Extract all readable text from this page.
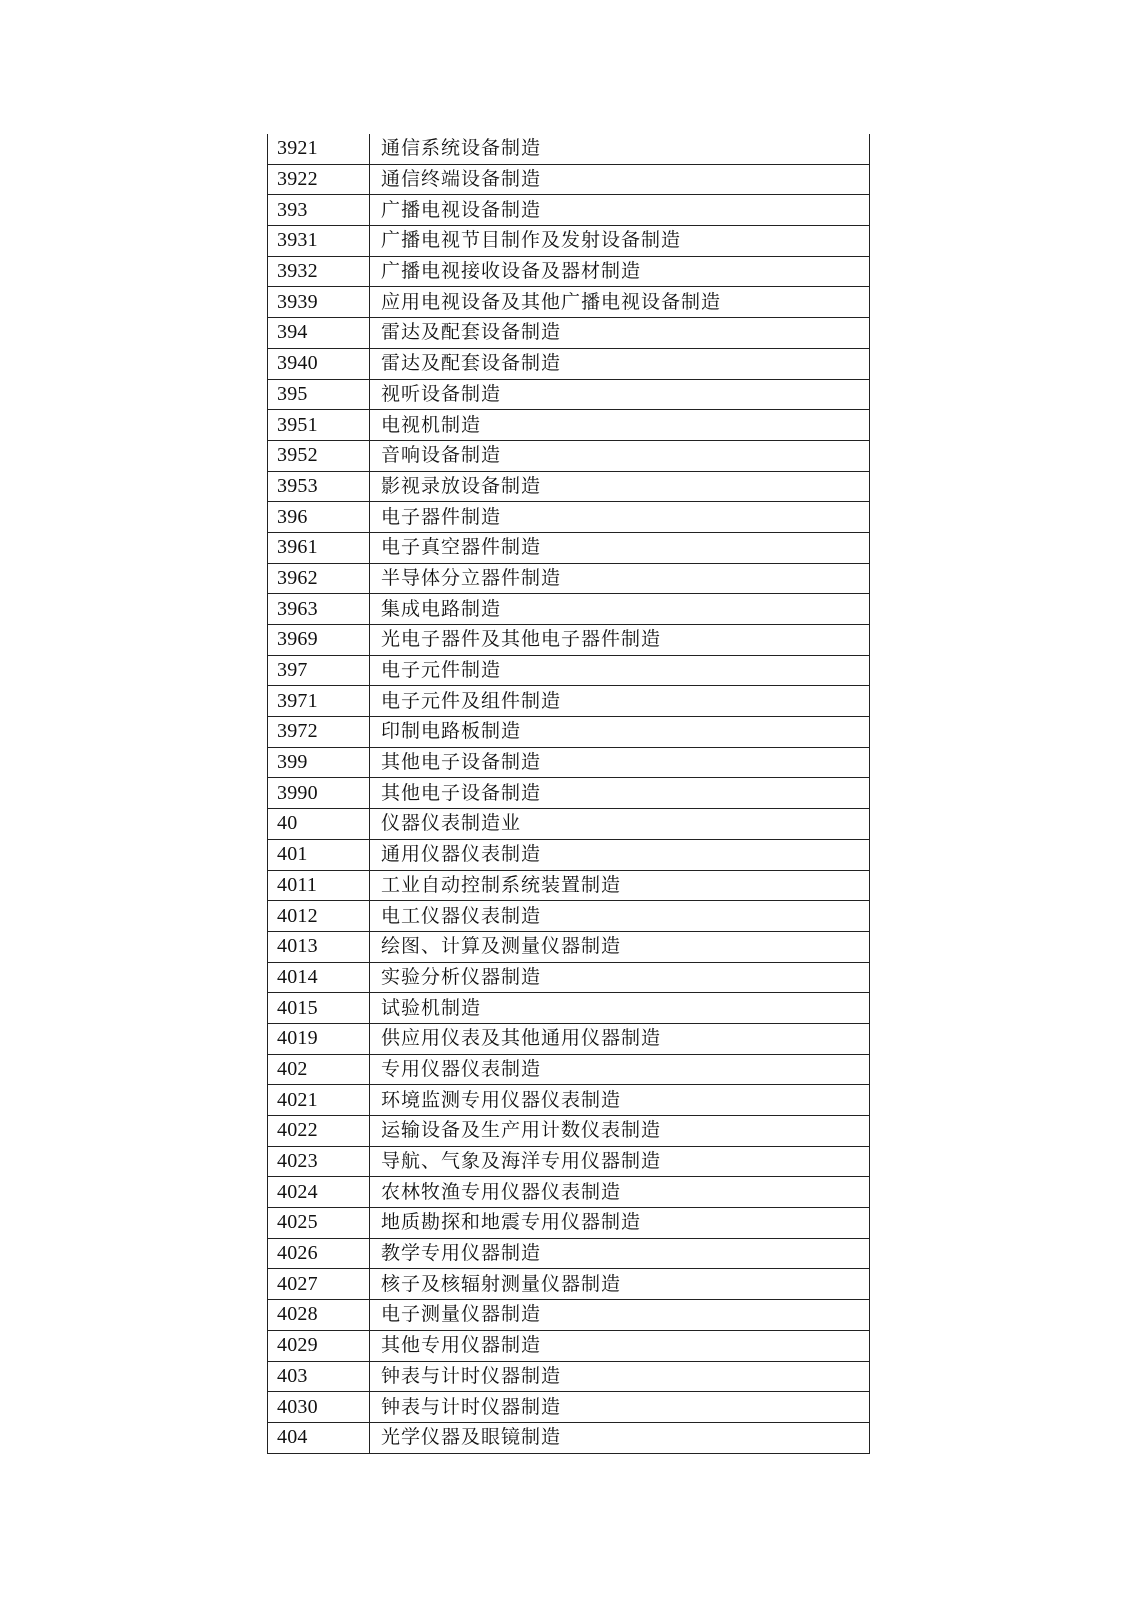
3921	通信系统设备制造
3922	通信终端设备制造
393	广播电视设备制造
3931	广播电视节目制作及发射设备制造
3932	广播电视接收设备及器材制造
3939	应用电视设备及其他广播电视设备制造
394	雷达及配套设备制造
3940	雷达及配套设备制造
395	视听设备制造
3951	电视机制造
3952	音响设备制造
3953	影视录放设备制造
396	电子器件制造
3961	电子真空器件制造
3962	半导体分立器件制造
3963	集成电路制造
3969	光电子器件及其他电子器件制造
397	电子元件制造
3971	电子元件及组件制造
3972	印制电路板制造
399	其他电子设备制造
3990	其他电子设备制造
40	仪器仪表制造业
401	通用仪器仪表制造
4011	工业自动控制系统装置制造
4012	电工仪器仪表制造
4013	绘图、计算及测量仪器制造
4014	实验分析仪器制造
4015	试验机制造
4019	供应用仪表及其他通用仪器制造
402	专用仪器仪表制造
4021	环境监测专用仪器仪表制造
4022	运输设备及生产用计数仪表制造
4023	导航、气象及海洋专用仪器制造
4024	农林牧渔专用仪器仪表制造
4025	地质勘探和地震专用仪器制造
4026	教学专用仪器制造
4027	核子及核辐射测量仪器制造
4028	电子测量仪器制造
4029	其他专用仪器制造
403	钟表与计时仪器制造
4030	钟表与计时仪器制造
404	光学仪器及眼镜制造
